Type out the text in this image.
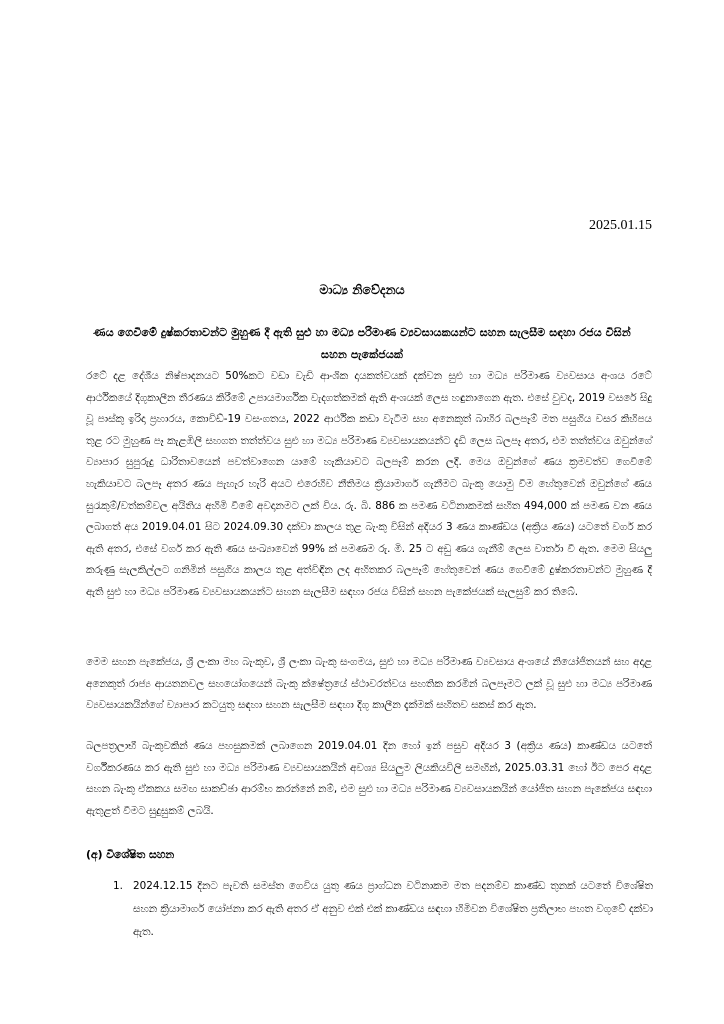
2025.01.15
මාධ්‍ය නිවේදනය
ණය ගෙවීමේ දුෂ්කරතාවන්ට මුහුණ දී ඇති සුළු හා මධ්‍ය පරිමාණ ව්‍යවසායකයන්ට සහන සැලසීම සඳහා රජය විසින් සහන පැකේජයක්

රටේ දළ දේශීය නිෂ්පාදනයට 50%කට වඩා වැඩි ආංශික දායකත්වයක් දක්වන සුළු හා මධ්‍ය පරිමාණ ව්‍යවසාය අංශය රටේ ආර්ථිකයේ දිගුකාලීන තීරණය කිරීමේ උපායමාර්ගික වැදගත්කමක් ඇති අංශයක් ලෙස හඳුනාගෙන ඇත. එසේ වුවද, 2019 වසරේ සිදු වූ පාස්කු ඉරිදා ප්‍රහාරය, කොවිඩ්-19 වසංගතය, 2022 ආර්ථික කඩා වැටීම සහ අනෙකුත් බාහිර බලපෑම් මත පසුගිය වසර කිහිපය තුළ රට මුහුණ පෑ කැළඹිලි සහගත තත්ත්වය සුළු හා මධ්‍ය පරිමාණ ව්‍යවසායකයන්ට දැඩි ලෙස බලපෑ අතර, එම තත්ත්වය ඔවුන්ගේ ව්‍යාපාර සුපුරුදු ධාරිතාවයෙන් පවත්වාගෙන යාමේ හැකියාවට බලපෑම් කරන ලදී. මෙය ඔවුන්ගේ ණය ක්‍රමවත්ව ගෙවීමේ හැකියාවට බලපෑ අතර ණය පැහැර හැරි අයට එරෙහිව නීතිමය ක්‍රියාමාර්ග ගැනීමට බැංකු යොමු වීම හේතුවෙන් ඔවුන්ගේ ණය සුරැකුම්/වත්කම්වල අයිතිය අහිමි වීමේ අවදානමට ලක් විය. රු. බි. 886 ක පමණ වටිනාකමක් සහිත 494,000 ක් පමණ වන ණය ලබාගත් අය 2019.04.01 සිට 2024.09.30 දක්වා කාලය තුළ බැංකු විසින් අදියර 3 ණය කාණ්ඩය (අක්‍රිය ණය) යටතේ වර්ග කර ඇති අතර, එසේ වර්ග කර ඇති ණය සංඛ්‍යාවෙන් 99% ක් පමණම රු. මි. 25 ට අඩු ණය ගැනීම් ලෙස වාර්තා වී ඇත. මෙම සියලු කරුණු සැලකිල්ලට ගනිමින් පසුගිය කාලය තුළ අත්විඳින ලද අහිතකර බලපෑම් හේතුවෙන් ණය ගෙවීමේ දුෂ්කරතාවන්ට මුහුණ දී ඇති සුළු හා මධ්‍ය පරිමාණ ව්‍යවසායකයන්ට සහන සැලසීම සඳහා රජය විසින් සහන පැකේජයක් සැලසුම් කර තිබේ.

මෙම සහන පැකේජය, ශ්‍රී ලංකා මහ බැංකුව, ශ්‍රී ලංකා බැංකු සංගමය, සුළු හා මධ්‍ය පරිමාණ ව්‍යවසාය අංශයේ නියෝජිතයන් සහ අදාළ අනෙකුත් රාජ්‍ය ආයතනවල සහයෝගයෙන් බැංකු ක්ෂේත්‍රයේ ස්ථාවරත්වය සහතික කරමින් බලපෑමට ලක් වූ සුළු හා මධ්‍ය පරිමාණ ව්‍යවසායකයින්ගේ ව්‍යාපාර කටයුතු සඳහා සහන සැලසීම සඳහා දිගු කාලීන දැක්මක් සහිතව සකස් කර ඇත.

බලපත්‍රලාභී බැංකුවකින් ණය පහසුකමක් ලබාගෙන 2019.04.01 දින හෝ ඉන් පසුව අදියර 3 (අක්‍රිය ණය) කාණ්ඩය යටතේ වර්ගීකරණය කර ඇති සුළු හා මධ්‍ය පරිමාණ ව්‍යවසායකයින් අවශ්‍ය සියලුම ලියකියවිලි සමඟින්, 2025.03.31 හෝ ඊට පෙර අදාළ සහන බැංකු ඒකකය සමඟ සාකච්ඡා ආරම්භ කරන්නේ නම්, එම සුළු හා මධ්‍ය පරිමාණ ව්‍යවසායකයින් යෝජිත සහන පැකේජය සඳහා ඇතුළත් වීමට සුදුසුකම් ලබයි.

(අ) විශේෂිත සහන
1. 2024.12.15 දිනට පැවති සමස්ත ගෙවිය යුතු ණය ප්‍රාග්ධන වටිනාකම මත පදනම්ව කාණ්ඩ තුනක් යටතේ විශේෂිත සහන ක්‍රියාමාර්ග යෝජනා කර ඇති අතර ඒ අනුව එක් එක් කාණ්ඩය සඳහා හිමිවන විශේෂිත ප්‍රතිලාභ පහත වගුවේ දක්වා ඇත.
